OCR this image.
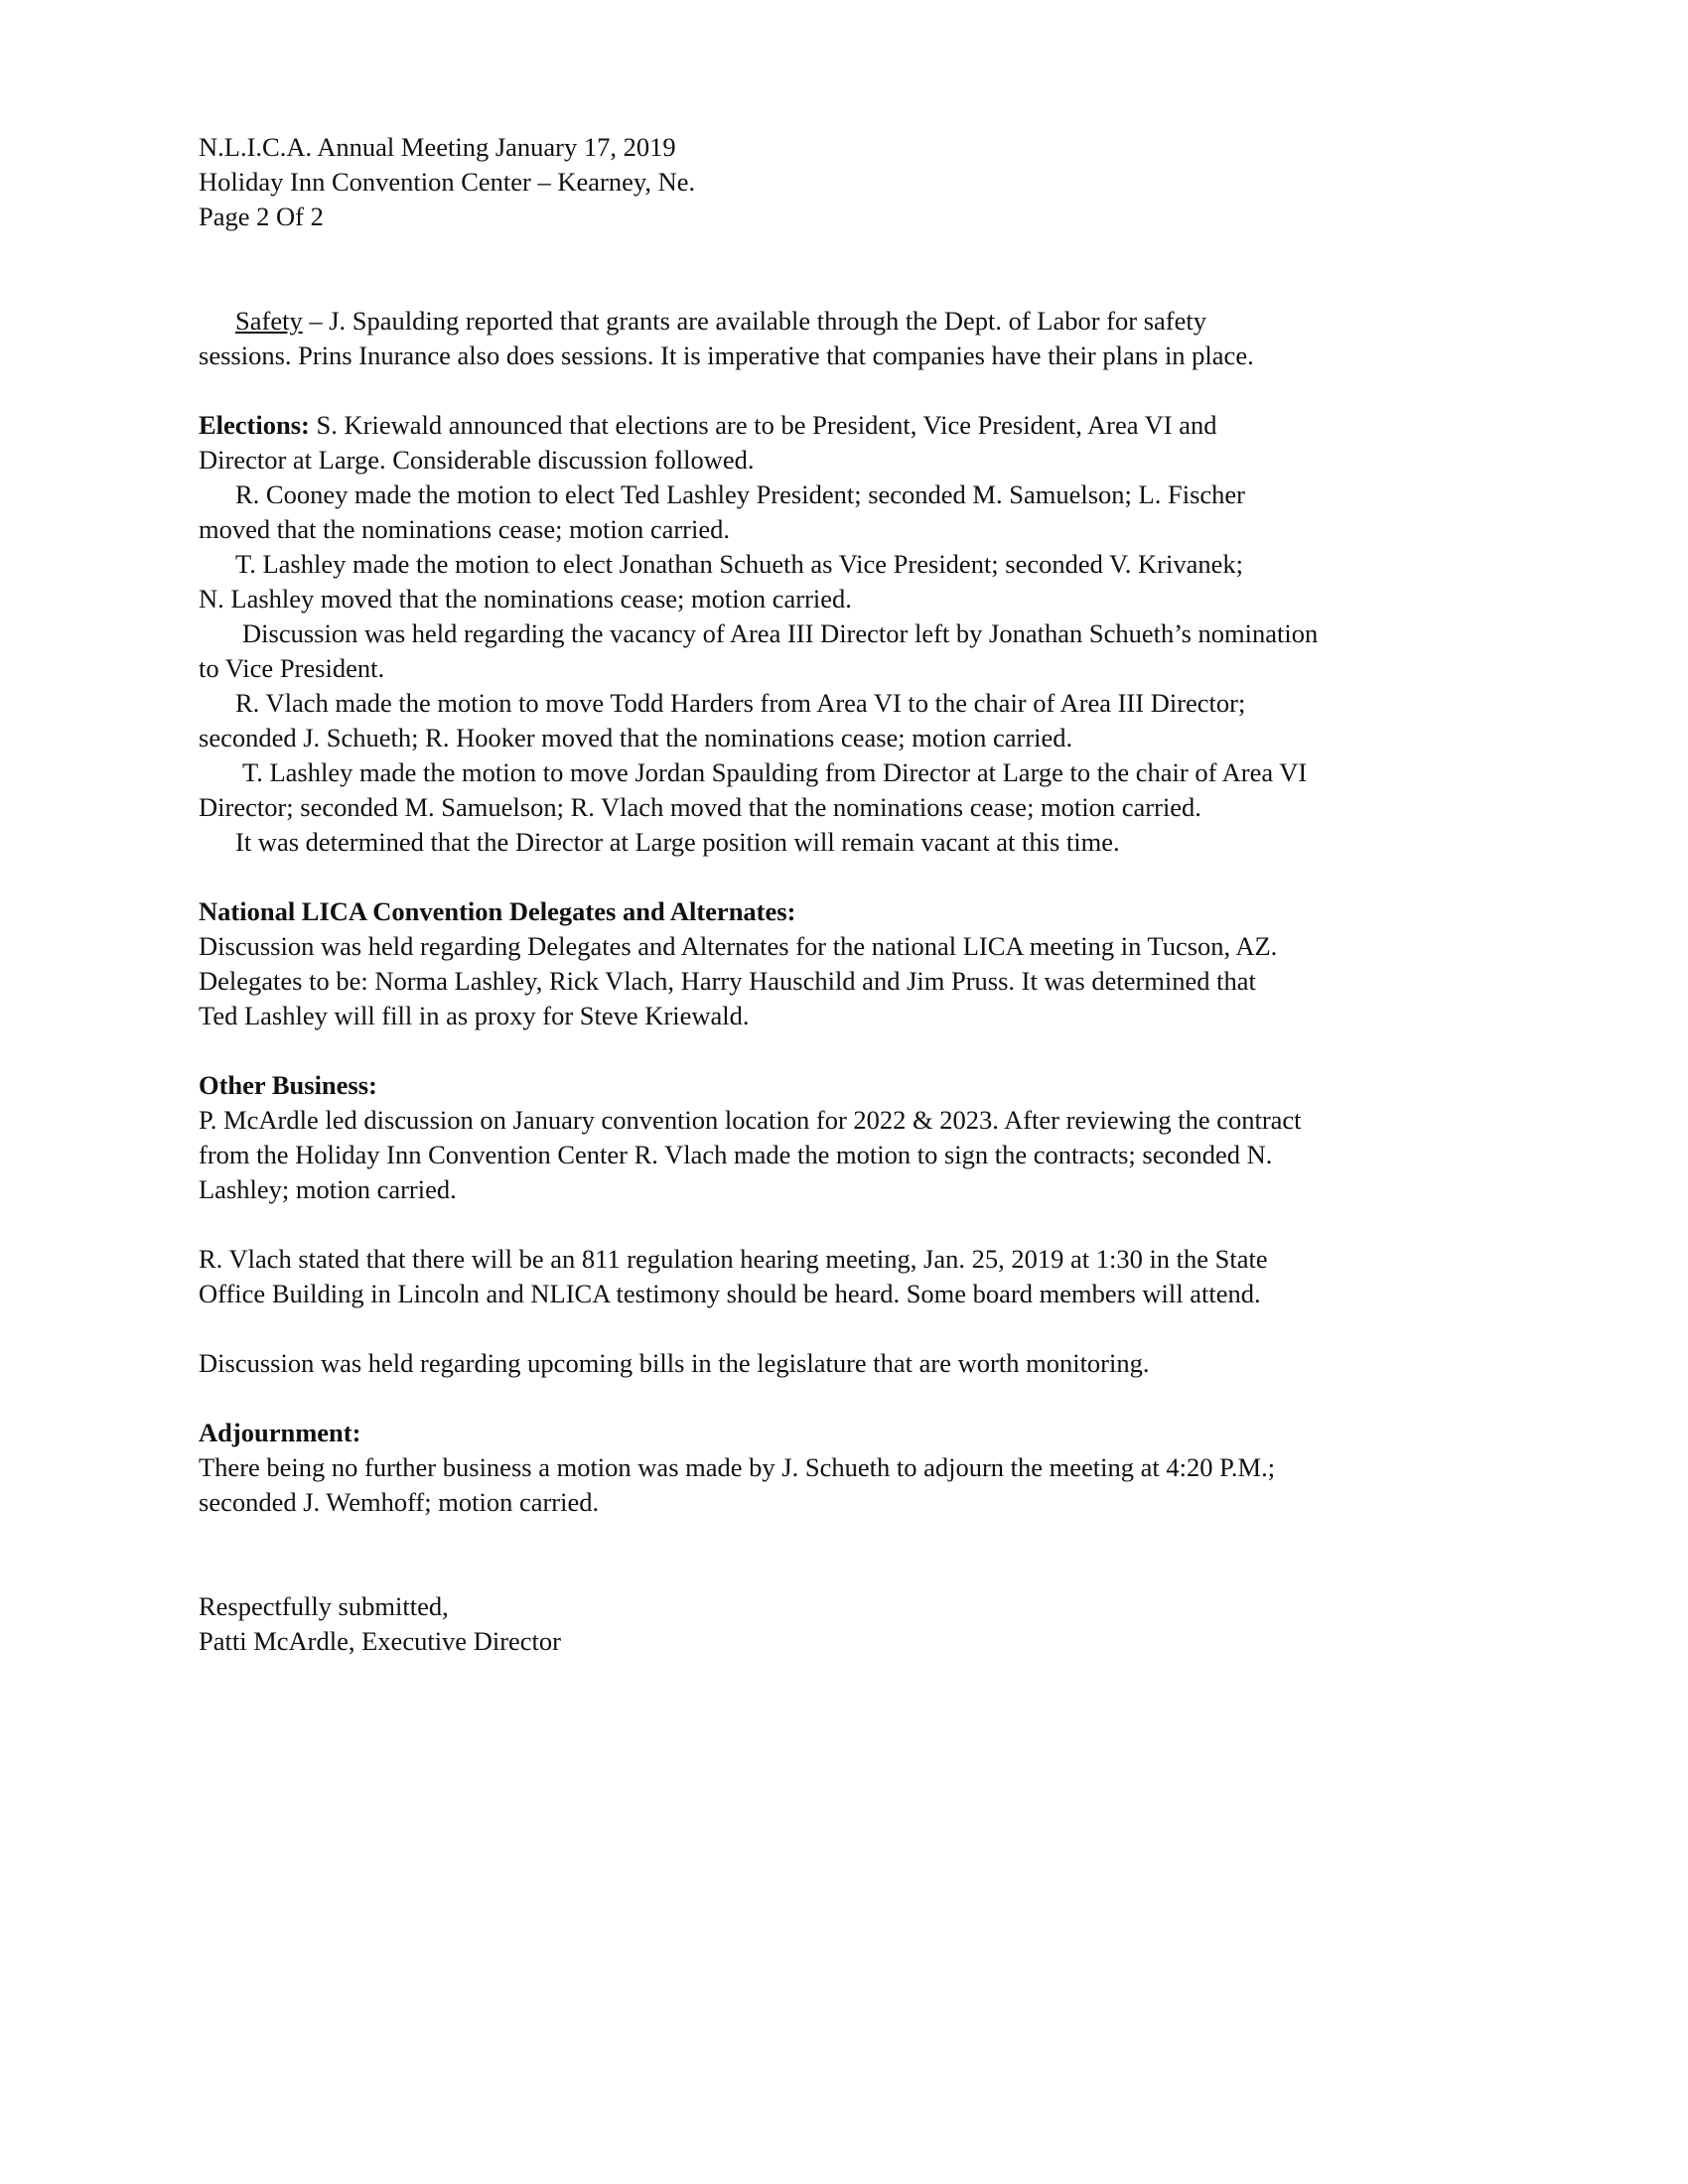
N.L.I.C.A. Annual Meeting January 17, 2019
Holiday Inn Convention Center – Kearney, Ne.
Page 2 Of 2
Safety – J. Spaulding reported that grants are available through the Dept. of Labor for safety
sessions. Prins Inurance also does sessions. It is imperative that companies have their plans in place.
Elections: S. Kriewald announced that elections are to be President, Vice President, Area VI and
Director at Large. Considerable discussion followed.
R. Cooney made the motion to elect Ted Lashley President; seconded M. Samuelson; L. Fischer
moved that the nominations cease; motion carried.
T. Lashley made the motion to elect Jonathan Schueth as Vice President; seconded V. Krivanek;
N. Lashley moved that the nominations cease; motion carried.
Discussion was held regarding the vacancy of Area III Director left by Jonathan Schueth’s nomination
to Vice President.
R. Vlach made the motion to move Todd Harders from Area VI to the chair of Area III Director;
seconded J. Schueth; R. Hooker moved that the nominations cease; motion carried.
T. Lashley made the motion to move Jordan Spaulding from Director at Large to the chair of Area VI
Director; seconded M. Samuelson; R. Vlach moved that the nominations cease; motion carried.
It was determined that the Director at Large position will remain vacant at this time.
National LICA Convention Delegates and Alternates:
Discussion was held regarding Delegates and Alternates for the national LICA meeting in Tucson, AZ.
Delegates to be: Norma Lashley, Rick Vlach, Harry Hauschild and Jim Pruss. It was determined that
Ted Lashley will fill in as proxy for Steve Kriewald.
Other Business:
P. McArdle led discussion on January convention location for 2022 & 2023. After reviewing the contract
from the Holiday Inn Convention Center R. Vlach made the motion to sign the contracts; seconded N.
Lashley; motion carried.
R. Vlach stated that there will be an 811 regulation hearing meeting, Jan. 25, 2019 at 1:30 in the State
Office Building in Lincoln and NLICA testimony should be heard. Some board members will attend.
Discussion was held regarding upcoming bills in the legislature that are worth monitoring.
Adjournment:
There being no further business a motion was made by J. Schueth to adjourn the meeting at 4:20 P.M.;
seconded J. Wemhoff; motion carried.
Respectfully submitted,
Patti McArdle, Executive Director
